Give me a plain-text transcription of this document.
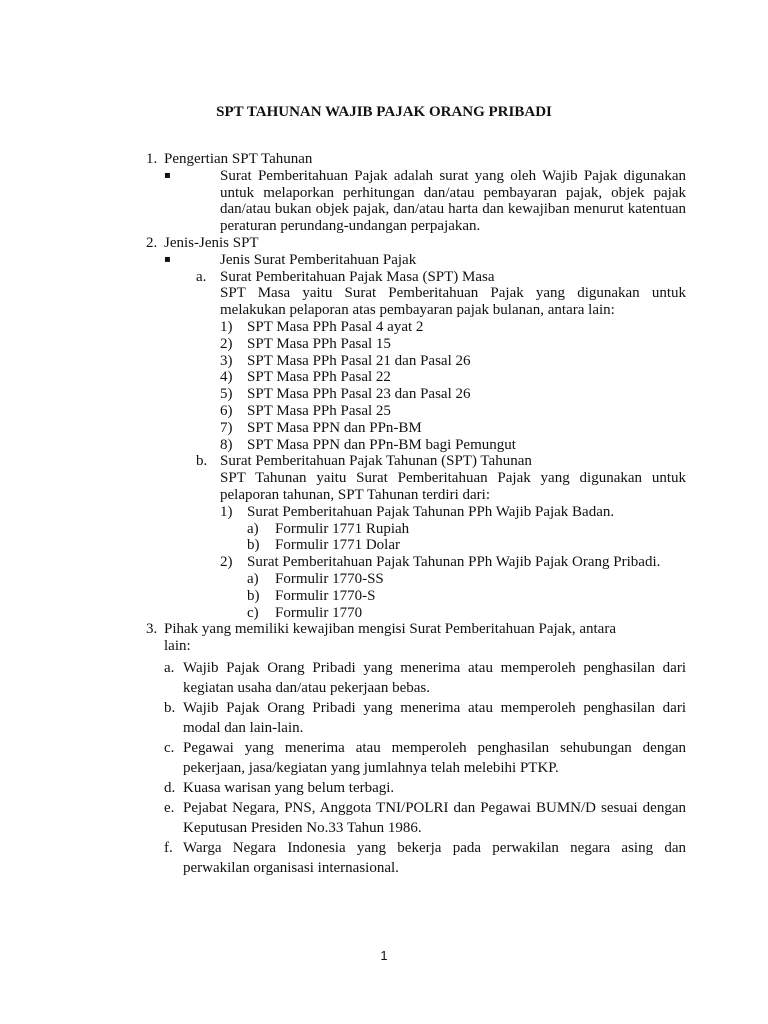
SPT TAHUNAN WAJIB PAJAK ORANG PRIBADI
1. Pengertian SPT Tahunan
▪	Surat Pemberitahuan Pajak adalah surat yang oleh Wajib Pajak digunakan untuk melaporkan perhitungan dan/atau pembayaran pajak, objek pajak dan/atau bukan objek pajak, dan/atau harta dan kewajiban menurut katentuan peraturan perundang-undangan perpajakan.
2. Jenis-Jenis SPT
▪	Jenis Surat Pemberitahuan Pajak
a. Surat Pemberitahuan Pajak Masa (SPT) Masa
SPT Masa yaitu Surat Pemberitahuan Pajak yang digunakan untuk melakukan pelaporan atas pembayaran pajak bulanan, antara lain:
1) SPT Masa PPh Pasal 4 ayat 2
2) SPT Masa PPh Pasal 15
3) SPT Masa PPh Pasal 21 dan Pasal 26
4) SPT Masa PPh Pasal 22
5) SPT Masa PPh Pasal 23 dan Pasal 26
6) SPT Masa PPh Pasal 25
7) SPT Masa PPN dan PPn-BM
8) SPT Masa PPN dan PPn-BM bagi Pemungut
b. Surat Pemberitahuan Pajak Tahunan (SPT) Tahunan
SPT Tahunan yaitu Surat Pemberitahuan Pajak yang digunakan untuk pelaporan tahunan, SPT Tahunan terdiri dari:
1) Surat Pemberitahuan Pajak Tahunan PPh Wajib Pajak Badan.
a) Formulir 1771 Rupiah
b) Formulir 1771 Dolar
2) Surat Pemberitahuan Pajak Tahunan PPh Wajib Pajak Orang Pribadi.
a) Formulir 1770-SS
b) Formulir 1770-S
c) Formulir 1770
3. Pihak yang memiliki kewajiban mengisi Surat Pemberitahuan Pajak, antara lain:
a. Wajib Pajak Orang Pribadi yang menerima atau memperoleh penghasilan dari kegiatan usaha dan/atau pekerjaan bebas.
b. Wajib Pajak Orang Pribadi yang menerima atau memperoleh penghasilan dari modal dan lain-lain.
c. Pegawai yang menerima atau memperoleh penghasilan sehubungan dengan pekerjaan, jasa/kegiatan yang jumlahnya telah melebihi PTKP.
d. Kuasa warisan yang belum terbagi.
e. Pejabat Negara, PNS, Anggota TNI/POLRI dan Pegawai BUMN/D sesuai dengan Keputusan Presiden No.33 Tahun 1986.
f. Warga Negara Indonesia yang bekerja pada perwakilan negara asing dan perwakilan organisasi internasional.
1
